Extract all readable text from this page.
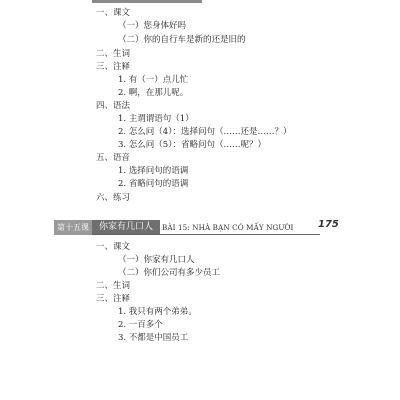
一、课文
（一）您身体好吗
（二）你的自行车是新的还是旧的
二、生词
三、注释
1. 有（一）点儿忙
2. 啊，在那儿呢。
四、语法
1. 主谓谓语句（1）
2. 怎么问（4）：选择问句（……还是……？）
3. 怎么问（5）：省略问句（……呢？）
五、语音
1. 选择问句的语调
2. 省略问句的语调
六、练习
第十五课	你家有几口人	BÀI 15: NHÀ BẠN CÓ MẤY NGƯỜI 175
一、课文
（一）你家有几口人
（二）你们公司有多少员工
二、生词
三、注释
1. 我只有两个弟弟。
2. 一百多个
3. 不都是中国员工
